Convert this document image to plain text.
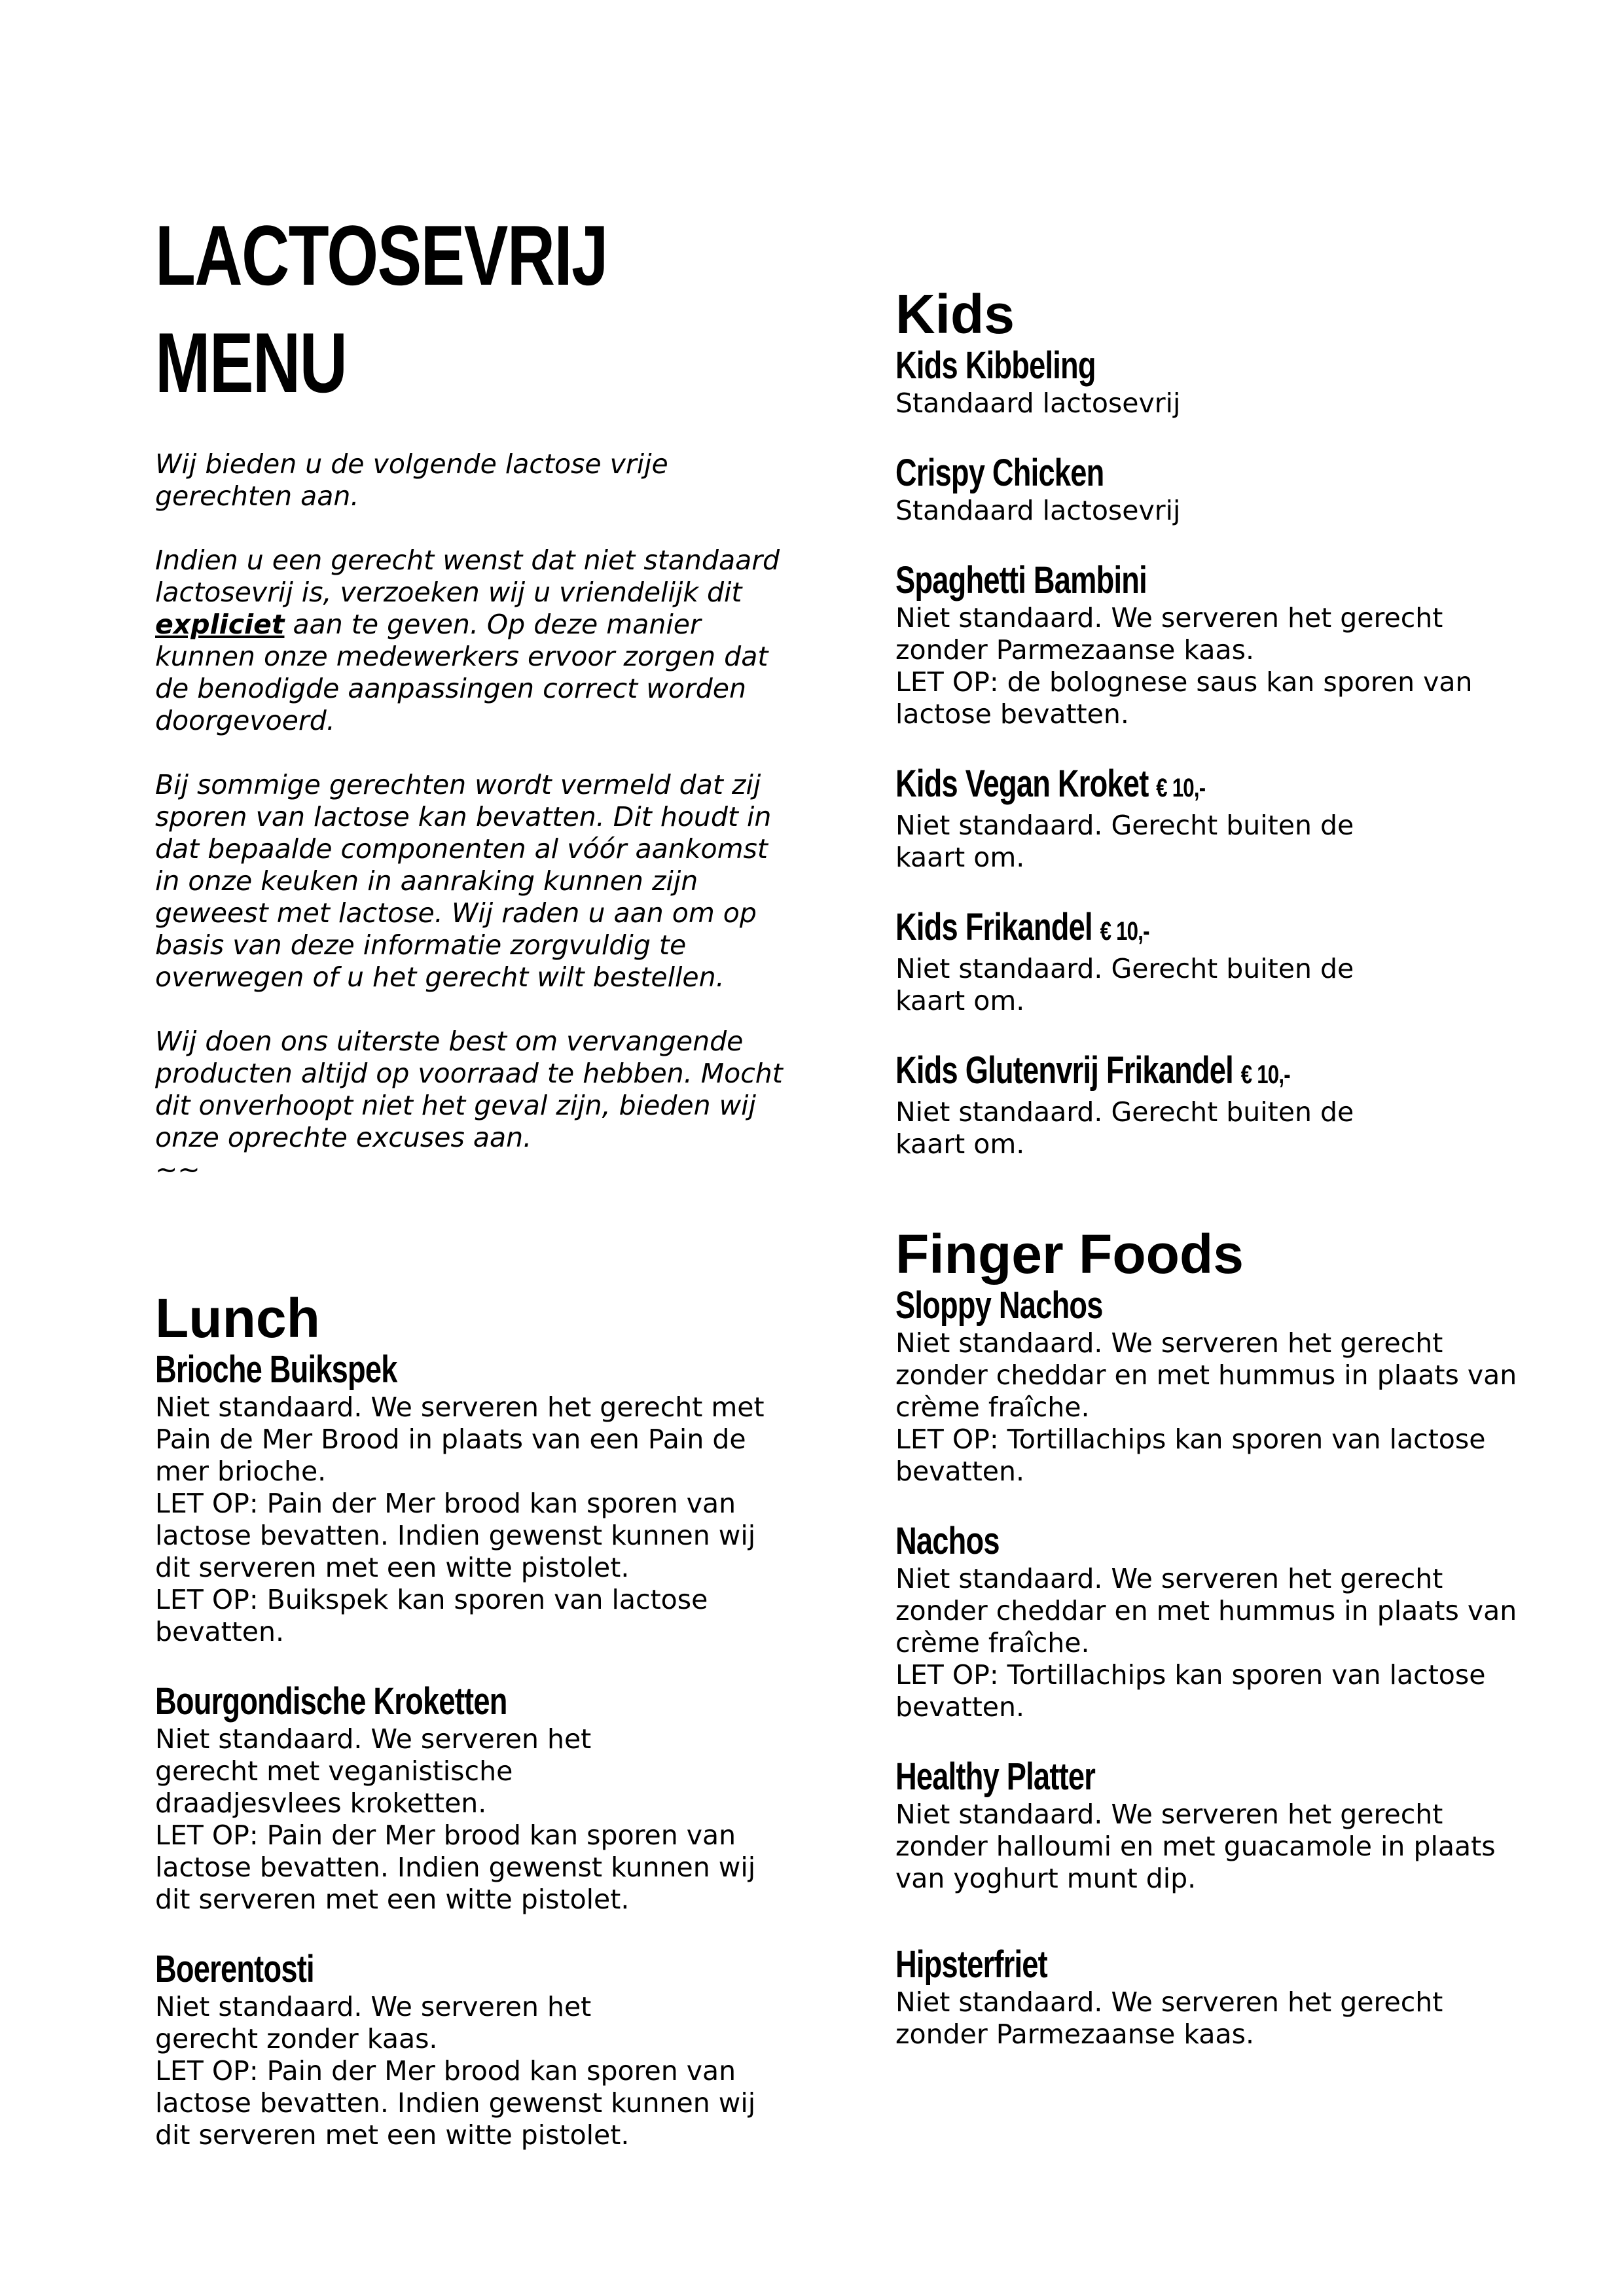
LACTOSEVRIJ
MENU

Wij bieden u de volgende lactose vrije gerechten aan.

Indien u een gerecht wenst dat niet standaard lactosevrij is, verzoeken wij u vriendelijk dit expliciet aan te geven. Op deze manier kunnen onze medewerkers ervoor zorgen dat de benodigde aanpassingen correct worden doorgevoerd.

Bij sommige gerechten wordt vermeld dat zij sporen van lactose kan bevatten. Dit houdt in dat bepaalde componenten al vóór aankomst in onze keuken in aanraking kunnen zijn geweest met lactose. Wij raden u aan om op basis van deze informatie zorgvuldig te overwegen of u het gerecht wilt bestellen.

Wij doen ons uiterste best om vervangende producten altijd op voorraad te hebben. Mocht dit onverhoopt niet het geval zijn, bieden wij onze oprechte excuses aan.

~~
Lunch
Brioche Buikspek
Niet standaard. We serveren het gerecht met Pain de Mer Brood in plaats van een Pain de mer brioche.
LET OP: Pain der Mer brood kan sporen van lactose bevatten. Indien gewenst kunnen wij dit serveren met een witte pistolet.
LET OP: Buikspek kan sporen van lactose bevatten.
Bourgondische Kroketten
Niet standaard. We serveren het
gerecht met veganistische
draadjesvlees kroketten.
LET OP: Pain der Mer brood kan sporen van lactose bevatten. Indien gewenst kunnen wij dit serveren met een witte pistolet.
Boerentosti
Niet standaard. We serveren het
gerecht zonder kaas.
LET OP: Pain der Mer brood kan sporen van lactose bevatten. Indien gewenst kunnen wij dit serveren met een witte pistolet.
Kids
Kids Kibbeling
Standaard lactosevrij
Crispy Chicken
Standaard lactosevrij
Spaghetti Bambini
Niet standaard. We serveren het gerecht zonder Parmezaanse kaas.
LET OP: de bolognese saus kan sporen van lactose bevatten.
Kids Vegan Kroket € 10,-
Niet standaard. Gerecht buiten de
kaart om.
Kids Frikandel € 10,-
Niet standaard. Gerecht buiten de
kaart om.
Kids Glutenvrij Frikandel € 10,-
Niet standaard. Gerecht buiten de
kaart om.
Finger Foods
Sloppy Nachos
Niet standaard. We serveren het gerecht zonder cheddar en met hummus in plaats van crème fraîche.
LET OP: Tortillachips kan sporen van lactose bevatten.
Nachos
Niet standaard. We serveren het gerecht zonder cheddar en met hummus in plaats van crème fraîche.
LET OP: Tortillachips kan sporen van lactose bevatten.
Healthy Platter
Niet standaard. We serveren het gerecht zonder halloumi en met guacamole in plaats van yoghurt munt dip.
Hipsterfriet
Niet standaard. We serveren het gerecht zonder Parmezaanse kaas.
